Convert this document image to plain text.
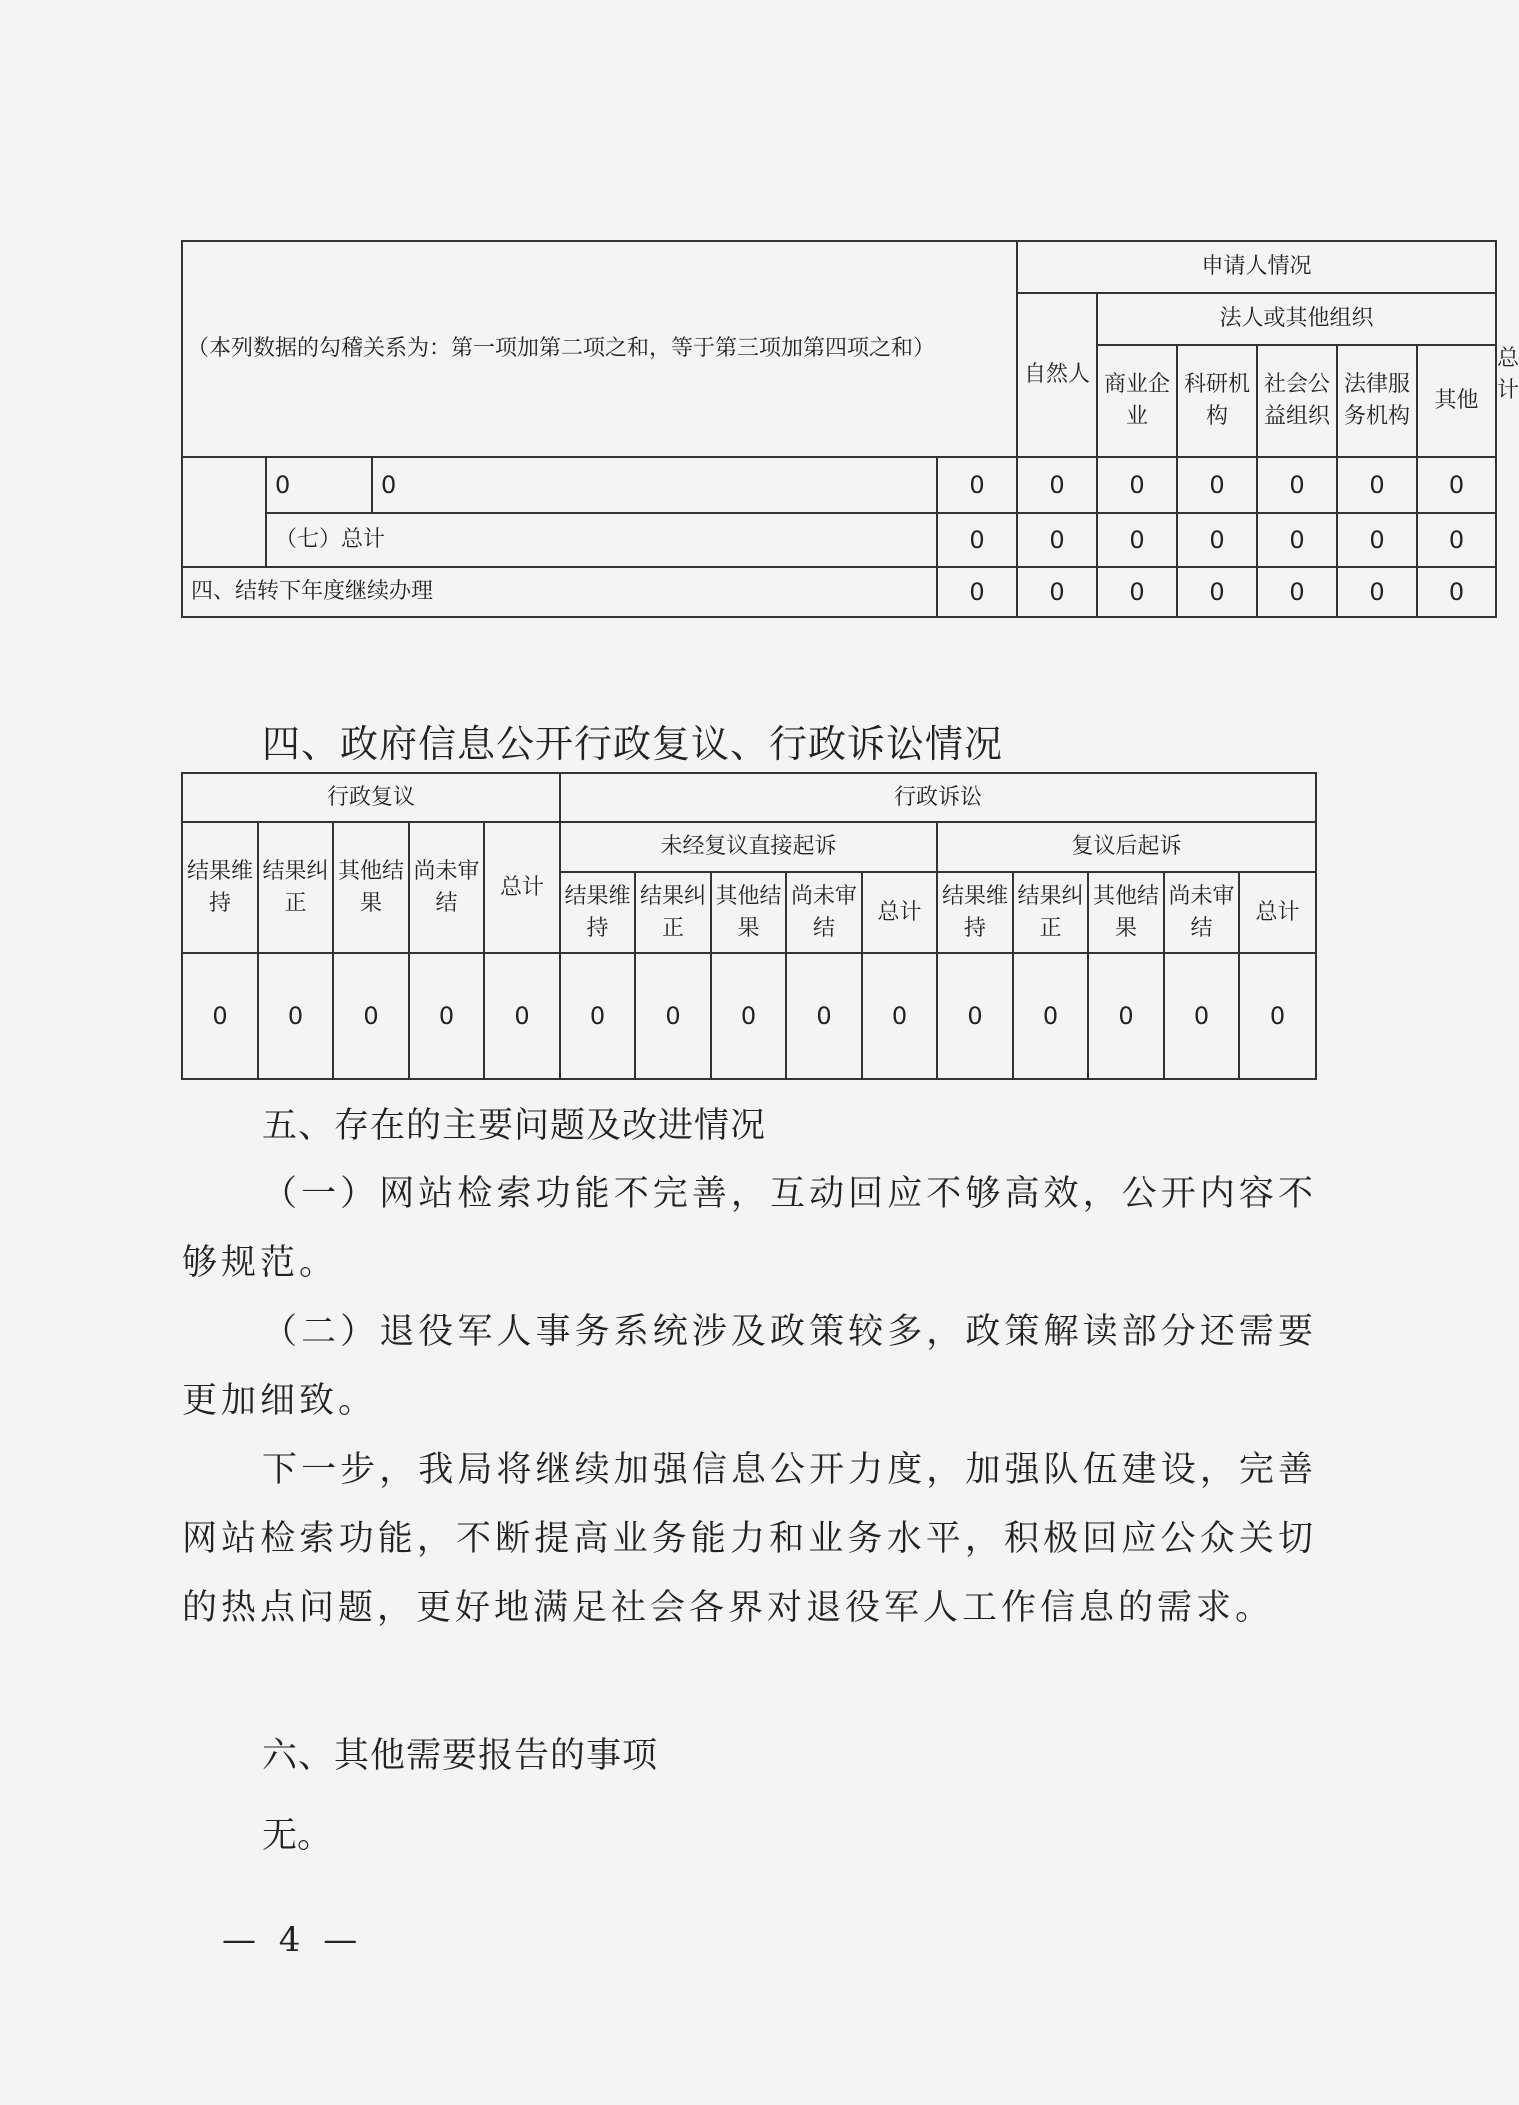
（本列数据的勾稽关系为：第一项加第二项之和，等于第三项加第四项之和）				申请人情况						
				自然人	法人或其他组织					总计
					商业企业	科研机构	社会公益组织	法律服务机构	其他	
	0	0	0	0	0	0	0	0	0	
	（七）总计		0	0	0	0	0	0	0	
四、结转下年度继续办理			0	0	0	0	0	0	0	
四、政府信息公开行政复议、行政诉讼情况
行政复议					行政诉讼									
结果维持	结果纠正	其他结果	尚未审结	总计	未经复议直接起诉					复议后起诉				
					结果维持	结果纠正	其他结果	尚未审结	总计	结果维持	结果纠正	其他结果	尚未审结	总计
0	0	0	0	0	0	0	0	0	0	0	0	0	0	0
五、存在的主要问题及改进情况

（一）网站检索功能不完善，互动回应不够高效，公开内容不够规范。

（二）退役军人事务系统涉及政策较多，政策解读部分还需要更加细致。

下一步，我局将继续加强信息公开力度，加强队伍建设，完善网站检索功能，不断提高业务能力和业务水平，积极回应公众关切的热点问题，更好地满足社会各界对退役军人工作信息的需求。

六、其他需要报告的事项
无。
— 4 —
